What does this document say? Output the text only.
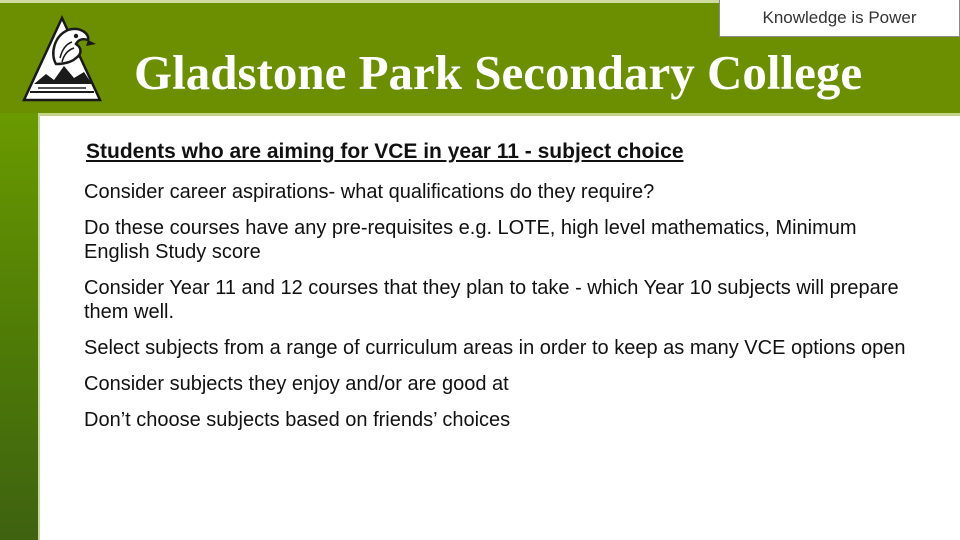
Knowledge is Power
Gladstone Park Secondary College
Students who are aiming for VCE in year 11 - subject choice
Consider career aspirations- what qualifications do they require?
Do these courses have any pre-requisites e.g. LOTE, high level mathematics, Minimum English Study score
Consider Year 11 and 12 courses that they plan to take - which Year 10 subjects will prepare them well.
Select subjects from a range of curriculum areas in order to keep as many VCE options open
Consider subjects they enjoy and/or are good at
Don’t choose subjects based on friends’ choices
